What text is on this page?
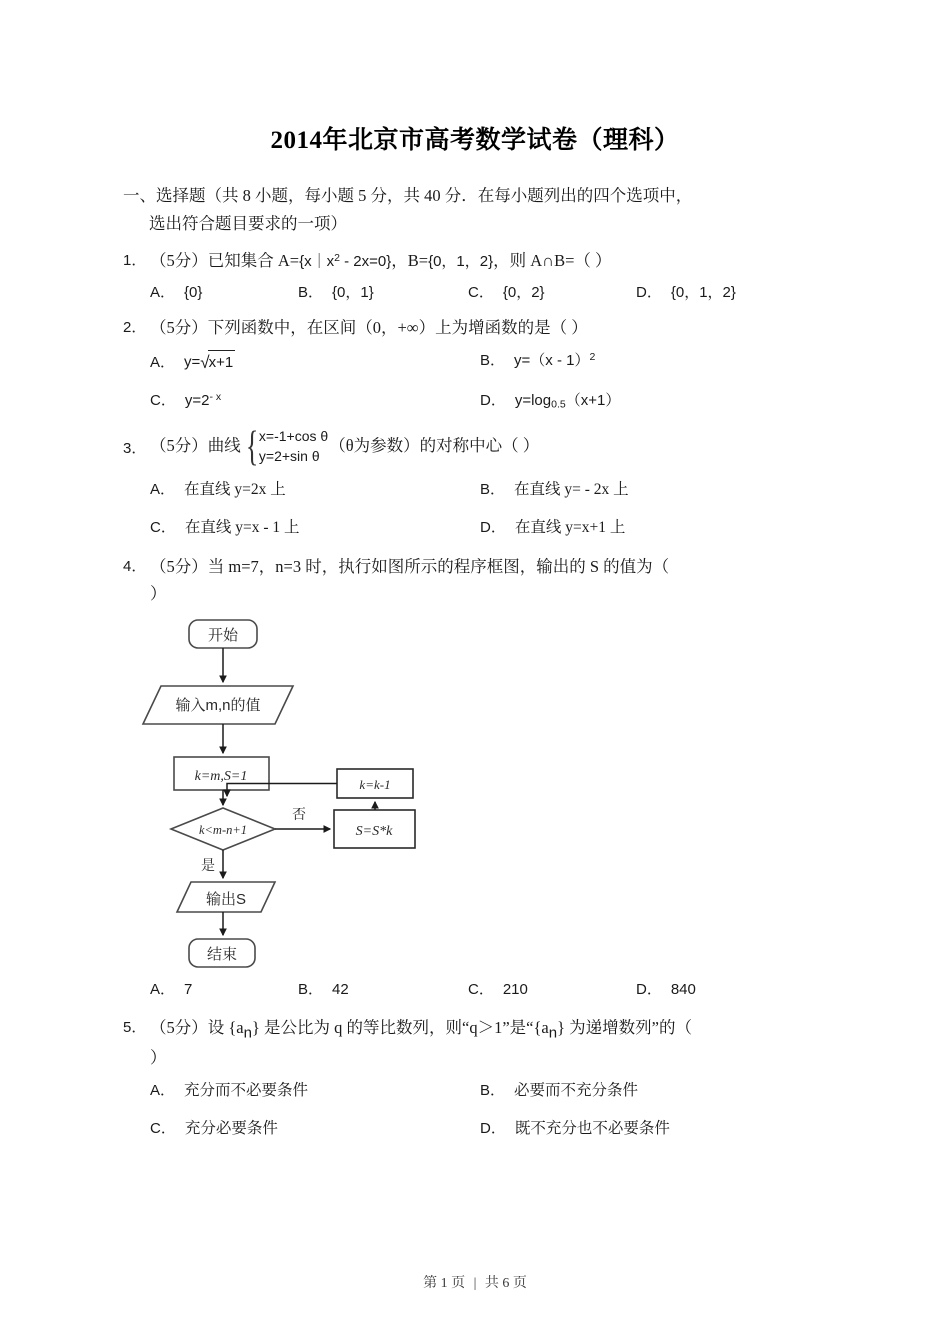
2014年北京市高考数学试卷（理科）
一、选择题（共 8 小题，每小题 5 分，共 40 分．在每小题列出的四个选项中，
选出符合题目要求的一项）
1． （5分）已知集合 $A=\{x|x^2 - 2x=0\}$，B={0，1，2}，则 A∩B=（ ）
A． {0}	B． {0，1}	C． {0，2}	D． {0，1，2}
2． （5分）下列函数中，在区间（0，+∞）上为增函数的是（ ）
A． y=√x+1	B． y=（x - 1）$^2$
C． $y=2^{- x}$	D． $y=\log_{0.5}(x+1)$
3． （5分） 曲线 { x=-1+cos θ
y=2+sin θ
（θ为参数）的对称中心（ ）
A． 在直线 y=2x 上	B． 在直线 y= - 2x 上
C． 在直线 y=x - 1 上	D． 在直线 y=x+1 上
4． （5分）当 m=7，n=3 时，执行如图所示的程序框图，输出的 S 的值为（
）
开始
输入m,n的值
k=m,S=1
k<m-n+1	S=S*k
k=k-1
输出S
结束
否
是
A． 7	B． 42	C． 210	D． 840
5． （5分）设 $\{a_n\}$ 是公比为 q 的等比数列，则“q＞1”是“$\{a_n\}$ 为递增数列”的（
）
A． 充分而不必要条件	B． 必要而不充分条件
C． 充分必要条件	D． 既不充分也不必要条件
第 1 页 | 共 6 页
